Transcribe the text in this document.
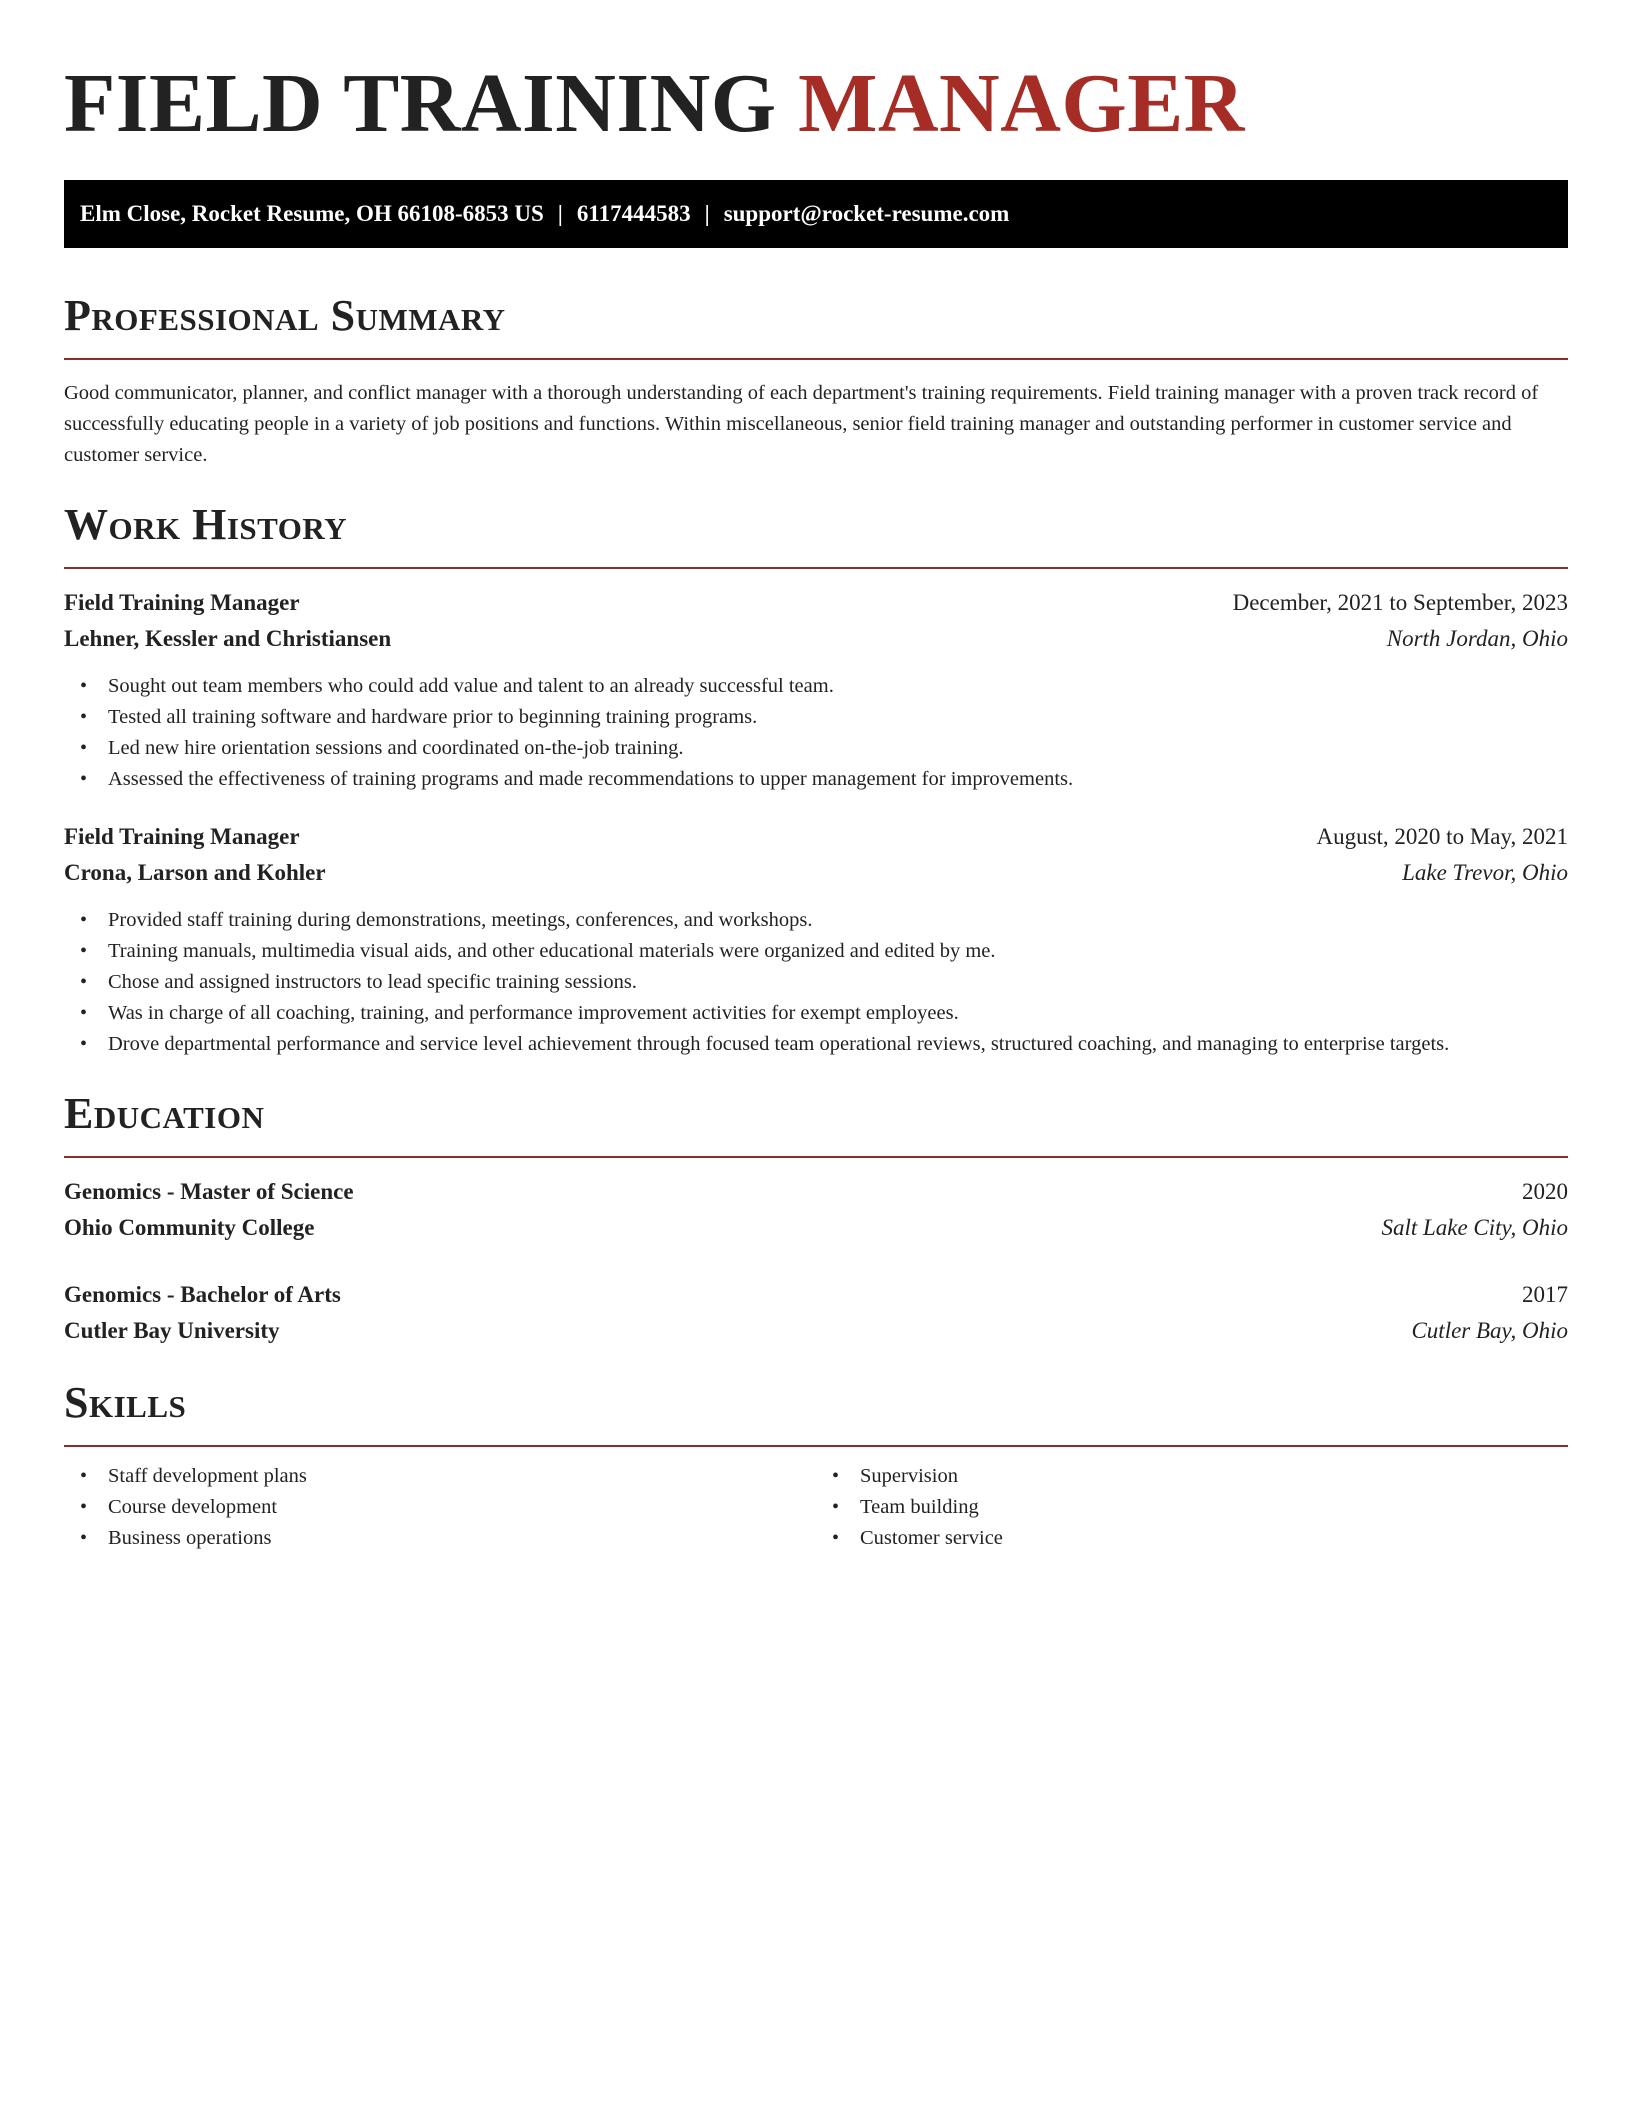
FIELD TRAINING MANAGER
Elm Close, Rocket Resume, OH 66108-6853 US | 6117444583 | support@rocket-resume.com
Professional Summary

Good communicator, planner, and conflict manager with a thorough understanding of each department's training requirements. Field training manager with a proven track record of successfully educating people in a variety of job positions and functions. Within miscellaneous, senior field training manager and outstanding performer in customer service and customer service.

Work History
Field Training Manager	December, 2021 to September, 2023
Lehner, Kessler and Christiansen	North Jordan, Ohio
• Sought out team members who could add value and talent to an already successful team.
• Tested all training software and hardware prior to beginning training programs.
• Led new hire orientation sessions and coordinated on-the-job training.
• Assessed the effectiveness of training programs and made recommendations to upper management for improvements.
Field Training Manager	August, 2020 to May, 2021
Crona, Larson and Kohler	Lake Trevor, Ohio
• Provided staff training during demonstrations, meetings, conferences, and workshops.
• Training manuals, multimedia visual aids, and other educational materials were organized and edited by me.
• Chose and assigned instructors to lead specific training sessions.
• Was in charge of all coaching, training, and performance improvement activities for exempt employees.
• Drove departmental performance and service level achievement through focused team operational reviews, structured coaching, and managing to enterprise targets.
Education
Genomics - Master of Science	2020
Ohio Community College	Salt Lake City, Ohio
Genomics - Bachelor of Arts	2017
Cutler Bay University	Cutler Bay, Ohio
Skills
• Staff development plans
• Course development
• Business operations
• Supervision
• Team building
• Customer service
